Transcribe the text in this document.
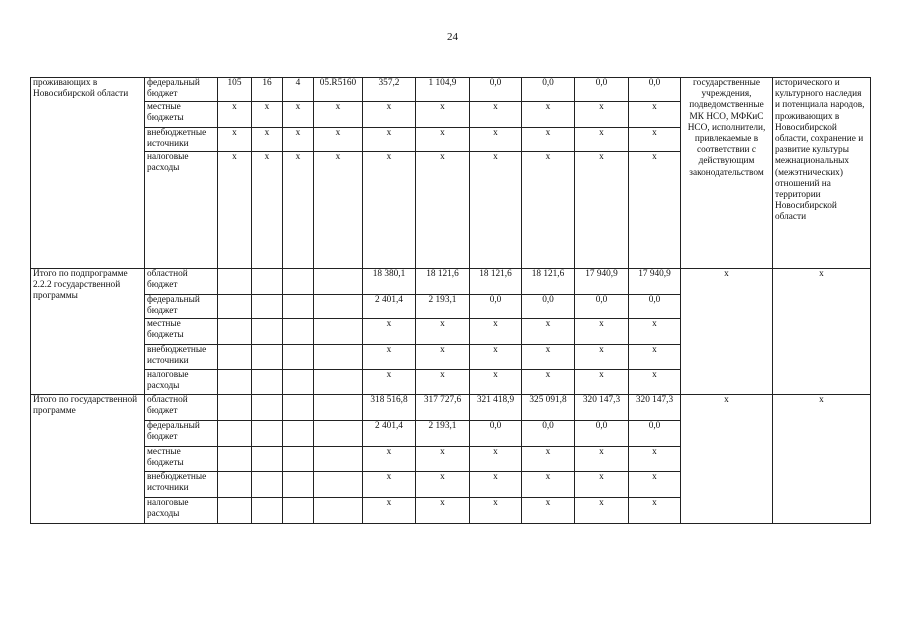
24
проживающих в Новосибирской области	федеральный бюджет	105	16	4	05.R5160	357,2	1 104,9	0,0	0,0	0,0	0,0	государственные учреждения, подведомственные МК НСО, МФКиС НСО, исполнители, привлекаемые в соответствии с действующим законодательством	исторического и культурного наследия и потенциала народов, проживающих в Новосибирской области, сохранение и развитие культуры межнациональных (межэтнических) отношений на территории Новосибирской области
	местные бюджеты	x	x	x	x	x	x	x	x	x	x		
	внебюджетные источники	x	x	x	x	x	x	x	x	x	x		
	налоговые расходы	x	x	x	x	x	x	x	x	x	x		
Итого по подпрограмме 2.2.2 государственной программы	областной бюджет					18 380,1	18 121,6	18 121,6	18 121,6	17 940,9	17 940,9	x	x
	федеральный бюджет					2 401,4	2 193,1	0,0	0,0	0,0	0,0		
	местные бюджеты					x	x	x	x	x	x		
	внебюджетные источники					x	x	x	x	x	x		
	налоговые расходы					x	x	x	x	x	x		
Итого по государственной программе	областной бюджет					318 516,8	317 727,6	321 418,9	325 091,8	320 147,3	320 147,3	x	x
	федеральный бюджет					2 401,4	2 193,1	0,0	0,0	0,0	0,0		
	местные бюджеты					x	x	x	x	x	x		
	внебюджетные источники					x	x	x	x	x	x		
	налоговые расходы					x	x	x	x	x	x		
